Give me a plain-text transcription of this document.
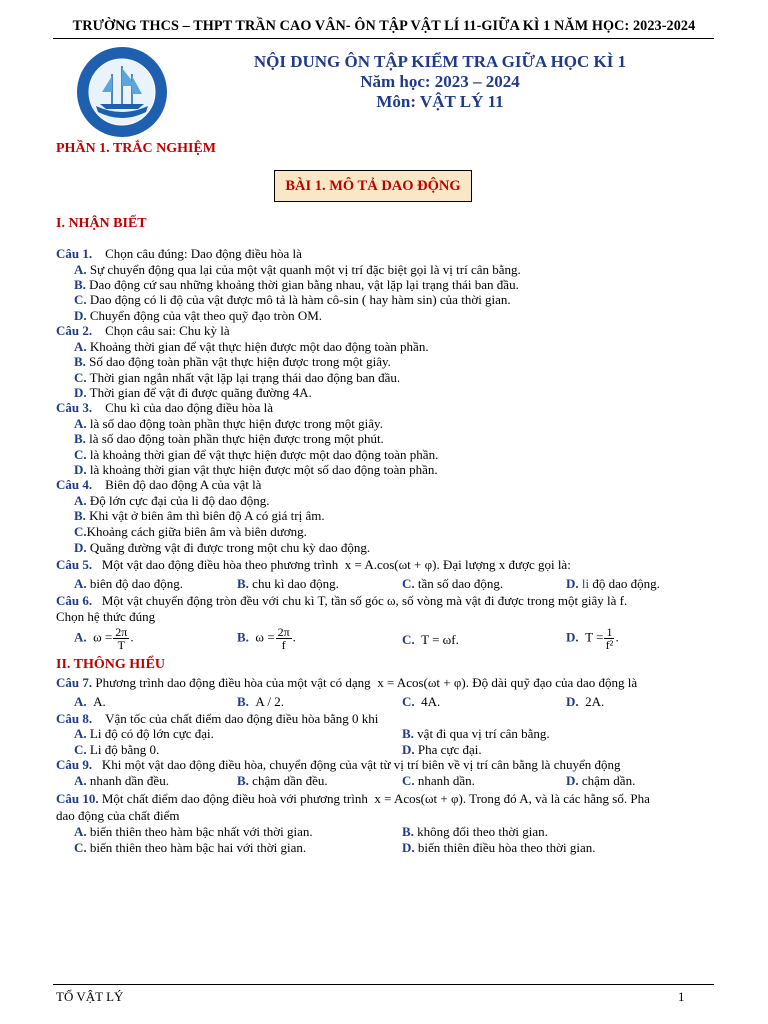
TRƯỜNG THCS – THPT TRẦN CAO VÂN- ÔN TẬP VẬT LÍ 11-GIỮA KÌ 1 NĂM HỌC: 2023-2024
NỘI DUNG ÔN TẬP KIỂM TRA GIỮA HỌC KÌ 1
Năm học: 2023 – 2024
Môn: VẬT LÝ 11
PHẦN 1. TRẮC NGHIỆM
BÀI 1. MÔ TẢ DAO ĐỘNG
I. NHẬN BIẾT
Câu 1. Chọn câu đúng: Dao động điều hòa là
A. Sự chuyển động qua lại của một vật quanh một vị trí đặc biệt gọi là vị trí cân bằng.
B. Dao động cứ sau những khoảng thời gian bằng nhau, vật lặp lại trạng thái ban đầu.
C. Dao động có li độ của vật được mô tả là hàm cô-sin ( hay hàm sin) của thời gian.
D. Chuyển động của vật theo quỹ đạo tròn OM.
Câu 2. Chọn câu sai: Chu kỳ là
A. Khoảng thời gian để vật thực hiện được một dao động toàn phần.
B. Số dao động toàn phần vật thực hiện được trong một giây.
C. Thời gian ngắn nhất vật lặp lại trạng thái dao động ban đầu.
D. Thời gian để vật đi được quãng đường 4A.
Câu 3. Chu kì của dao động điều hòa là
A. là số dao động toàn phần thực hiện được trong một giây.
B. là số dao động toàn phần thực hiện được trong một phút.
C. là khoảng thời gian để vật thực hiện được một dao động toàn phần.
D. là khoảng thời gian vật thực hiện được một số dao động toàn phần.
Câu 4. Biên độ dao động A của vật là
A. Độ lớn cực đại của li độ dao động.
B. Khi vật ở biên âm thì biên độ A có giá trị âm.
C.Khoảng cách giữa biên âm và biên dương.
D. Quãng đường vật đi được trong một chu kỳ dao động.
Câu 5. Một vật dao động điều hòa theo phương trình x = A.cos(ωt + φ). Đại lượng x được gọi là:
A. biên độ dao động.	B. chu kì dao động.	C. tần số dao động.	D. li độ dao động.
Câu 6. Một vật chuyển động tròn đều với chu kì T, tần số góc ω, số vòng mà vật đi được trong một giây là f.
Chọn hệ thức đúng
A. $\omega = \frac{2\pi}{T}$ .	B. $\omega = \frac{2\pi}{f}$ .	C. T = ωf.	D. $T = \frac{1}{\text{f²}}$ .
II. THÔNG HIỂU
Câu 7. Phương trình dao động điều hòa của một vật có dạng x = Acos(ωt + φ). Độ dài quỹ đạo của dao động là
A. A.	B. A / 2.	C. 4A.	D. 2A.
Câu 8. Vận tốc của chất điểm dao động điều hòa bằng 0 khi
A. Li độ có độ lớn cực đại.	B. vật đi qua vị trí cân bằng.
C. Li độ bằng 0.	D. Pha cực đại.
Câu 9. Khi một vật dao động điều hòa, chuyển động của vật từ vị trí biên về vị trí cân bằng là chuyển động
A. nhanh dần đều.	B. chậm dần đều.	C. nhanh dần.	D. chậm dần.
Câu 10. Một chất điểm dao động điều hoà với phương trình x = Acos(ωt + φ). Trong đó A, và là các hằng số. Pha
dao động của chất điểm
A. biến thiên theo hàm bậc nhất với thời gian.	B. không đổi theo thời gian.
C. biến thiên theo hàm bậc hai với thời gian.	D. biến thiên điều hòa theo thời gian.
TỔ VẬT LÝ	1
